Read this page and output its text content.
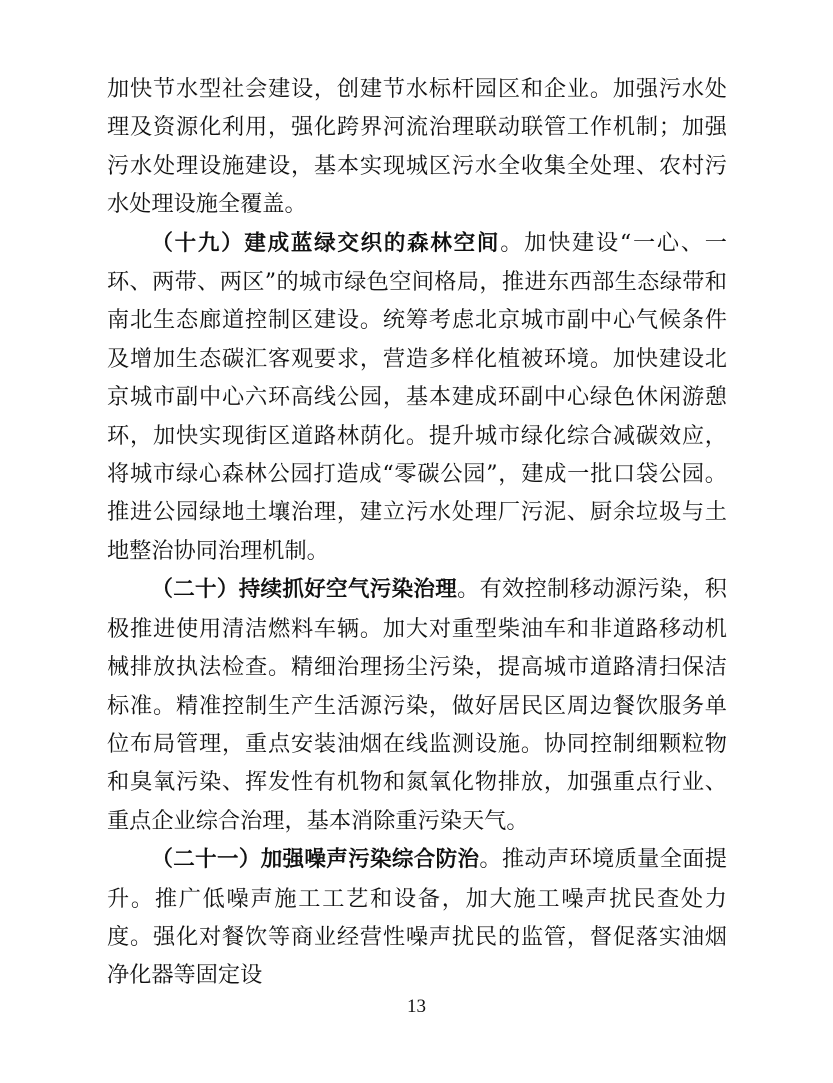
加快节水型社会建设，创建节水标杆园区和企业。加强污水处理及资源化利用，强化跨界河流治理联动联管工作机制；加强污水处理设施建设，基本实现城区污水全收集全处理、农村污水处理设施全覆盖。

（十九）建成蓝绿交织的森林空间。加快建设“一心、一环、两带、两区”的城市绿色空间格局，推进东西部生态绿带和南北生态廊道控制区建设。统筹考虑北京城市副中心气候条件及增加生态碳汇客观要求，营造多样化植被环境。加快建设北京城市副中心六环高线公园，基本建成环副中心绿色休闲游憩环，加快实现街区道路林荫化。提升城市绿化综合减碳效应，将城市绿心森林公园打造成“零碳公园”，建成一批口袋公园。推进公园绿地土壤治理，建立污水处理厂污泥、厨余垃圾与土地整治协同治理机制。

（二十）持续抓好空气污染治理。有效控制移动源污染，积极推进使用清洁燃料车辆。加大对重型柴油车和非道路移动机械排放执法检查。精细治理扬尘污染，提高城市道路清扫保洁标准。精准控制生产生活源污染，做好居民区周边餐饮服务单位布局管理，重点安装油烟在线监测设施。协同控制细颗粒物和臭氧污染、挥发性有机物和氮氧化物排放，加强重点行业、重点企业综合治理，基本消除重污染天气。

（二十一）加强噪声污染综合防治。推动声环境质量全面提升。推广低噪声施工工艺和设备，加大施工噪声扰民查处力度。强化对餐饮等商业经营性噪声扰民的监管，督促落实油烟净化器等固定设

13
